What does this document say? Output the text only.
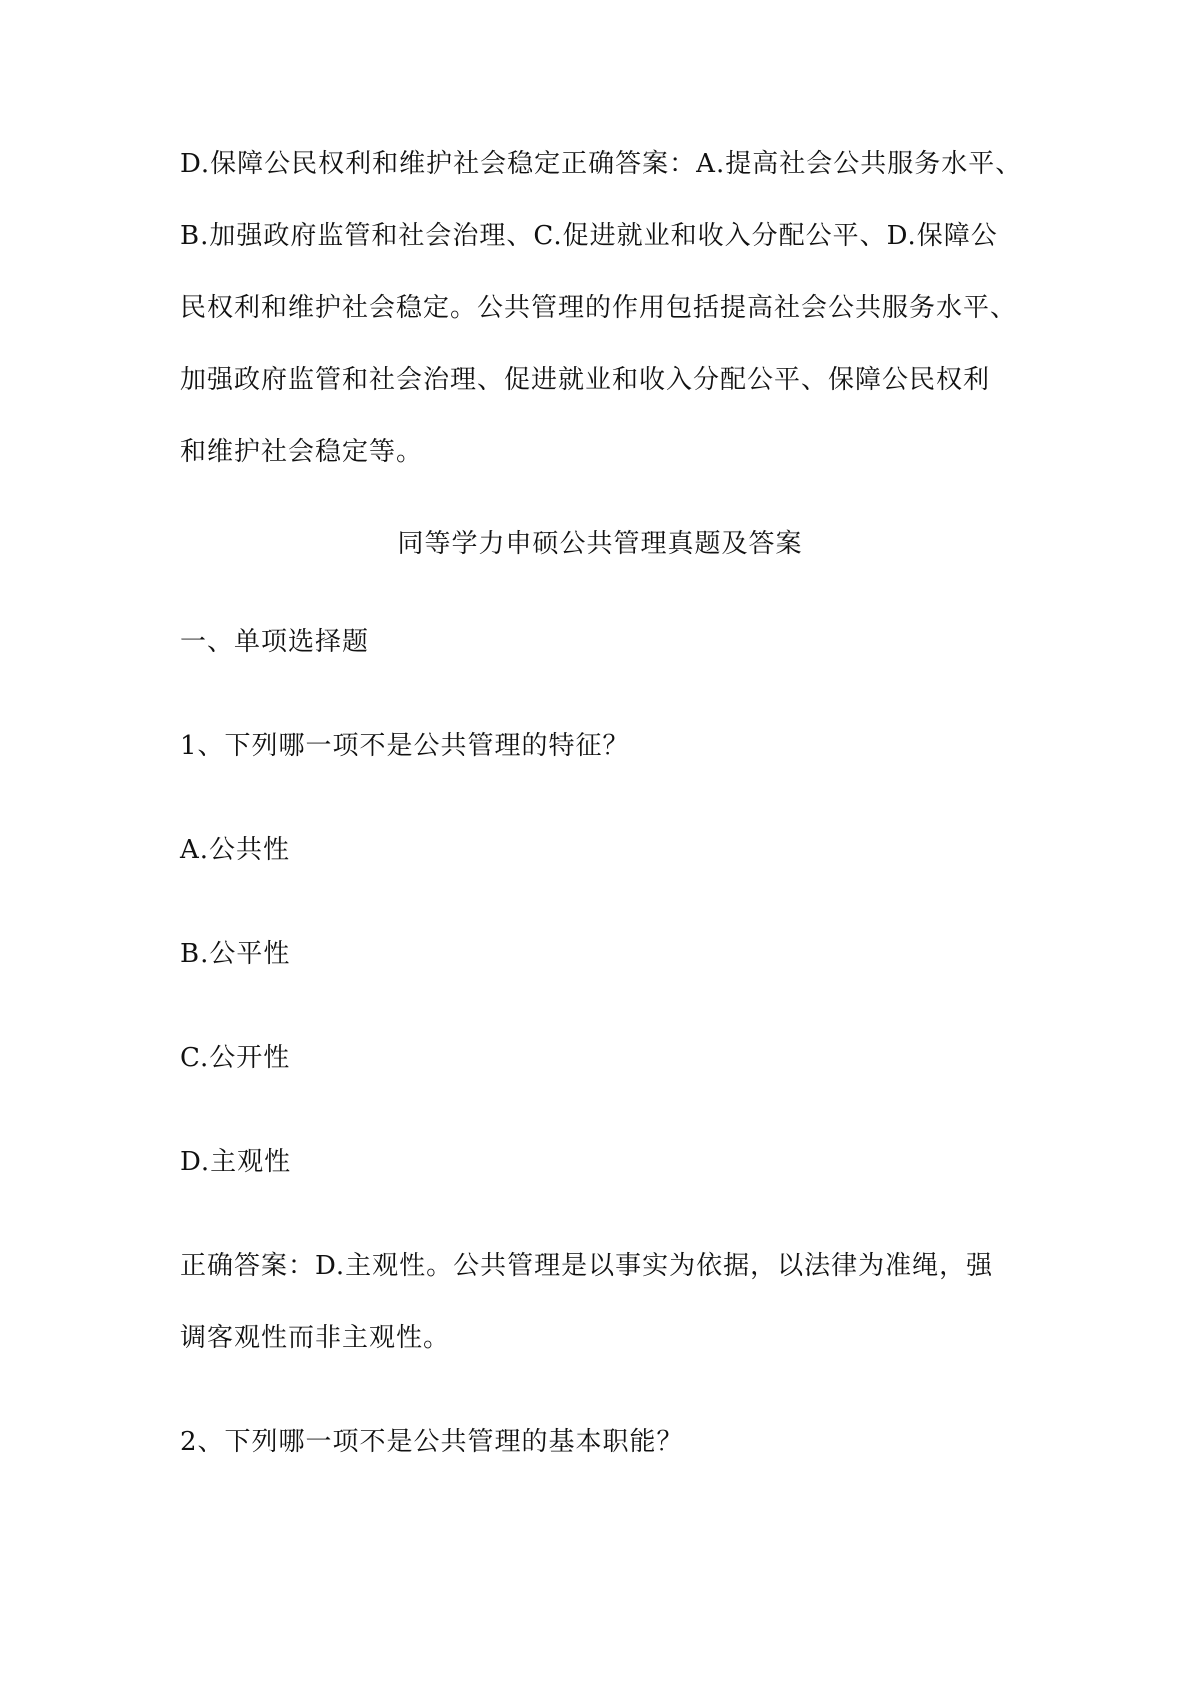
D.保障公民权利和维护社会稳定正确答案：A.提高社会公共服务水平、

B.加强政府监管和社会治理、C.促进就业和收入分配公平、D.保障公

民权利和维护社会稳定。公共管理的作用包括提高社会公共服务水平、

加强政府监管和社会治理、促进就业和收入分配公平、保障公民权利

和维护社会稳定等。

同等学力申硕公共管理真题及答案

一、单项选择题

1、下列哪一项不是公共管理的特征？

A.公共性

B.公平性

C.公开性

D.主观性

正确答案：D.主观性。公共管理是以事实为依据，以法律为准绳，强

调客观性而非主观性。

2、下列哪一项不是公共管理的基本职能？
